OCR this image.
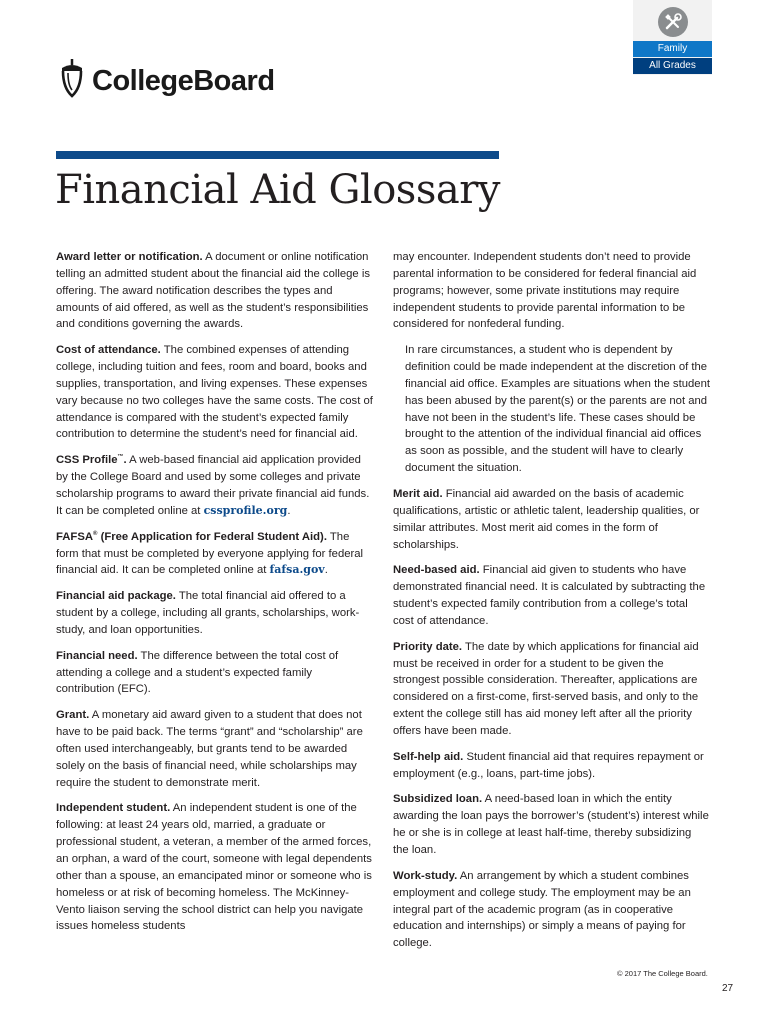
Family
All Grades
CollegeBoard
Financial Aid Glossary

Award letter or notification. A document or online notification telling an admitted student about the financial aid the college is offering. The award notification describes the types and amounts of aid offered, as well as the student’s responsibilities and conditions governing the awards.

Cost of attendance. The combined expenses of attending college, including tuition and fees, room and board, books and supplies, transportation, and living expenses. These expenses vary because no two colleges have the same costs. The cost of attendance is compared with the student’s expected family contribution to determine the student’s need for financial aid.

CSS Profile™. A web-based financial aid application provided by the College Board and used by some colleges and private scholarship programs to award their private financial aid funds. It can be completed online at cssprofile.org.

FAFSA® (Free Application for Federal Student Aid). The form that must be completed by everyone applying for federal financial aid. It can be completed online at fafsa.gov.

Financial aid package. The total financial aid offered to a student by a college, including all grants, scholarships, work-study, and loan opportunities.

Financial need. The difference between the total cost of attending a college and a student’s expected family contribution (EFC).

Grant. A monetary aid award given to a student that does not have to be paid back. The terms “grant” and “scholarship” are often used interchangeably, but grants tend to be awarded solely on the basis of financial need, while scholarships may require the student to demonstrate merit.

Independent student. An independent student is one of the following: at least 24 years old, married, a graduate or professional student, a veteran, a member of the armed forces, an orphan, a ward of the court, someone with legal dependents other than a spouse, an emancipated minor or someone who is homeless or at risk of becoming homeless. The McKinney-Vento liaison serving the school district can help you navigate issues homeless students

may encounter. Independent students don’t need to provide parental information to be considered for federal financial aid programs; however, some private institutions may require independent students to provide parental information to be considered for nonfederal funding.

In rare circumstances, a student who is dependent by definition could be made independent at the discretion of the financial aid office. Examples are situations when the student has been abused by the parent(s) or the parents are not and have not been in the student’s life. These cases should be brought to the attention of the individual financial aid offices as soon as possible, and the student will have to clearly document the situation.

Merit aid. Financial aid awarded on the basis of academic qualifications, artistic or athletic talent, leadership qualities, or similar attributes. Most merit aid comes in the form of scholarships.

Need-based aid. Financial aid given to students who have demonstrated financial need. It is calculated by subtracting the student’s expected family contribution from a college’s total cost of attendance.

Priority date. The date by which applications for financial aid must be received in order for a student to be given the strongest possible consideration. Thereafter, applications are considered on a first-come, first-served basis, and only to the extent the college still has aid money left after all the priority offers have been made.

Self-help aid. Student financial aid that requires repayment or employment (e.g., loans, part-time jobs).

Subsidized loan. A need-based loan in which the entity awarding the loan pays the borrower’s (student’s) interest while he or she is in college at least half-time, thereby subsidizing the loan.

Work-study. An arrangement by which a student combines employment and college study. The employment may be an integral part of the academic program (as in cooperative education and internships) or simply a means of paying for college.

© 2017 The College Board.
27
